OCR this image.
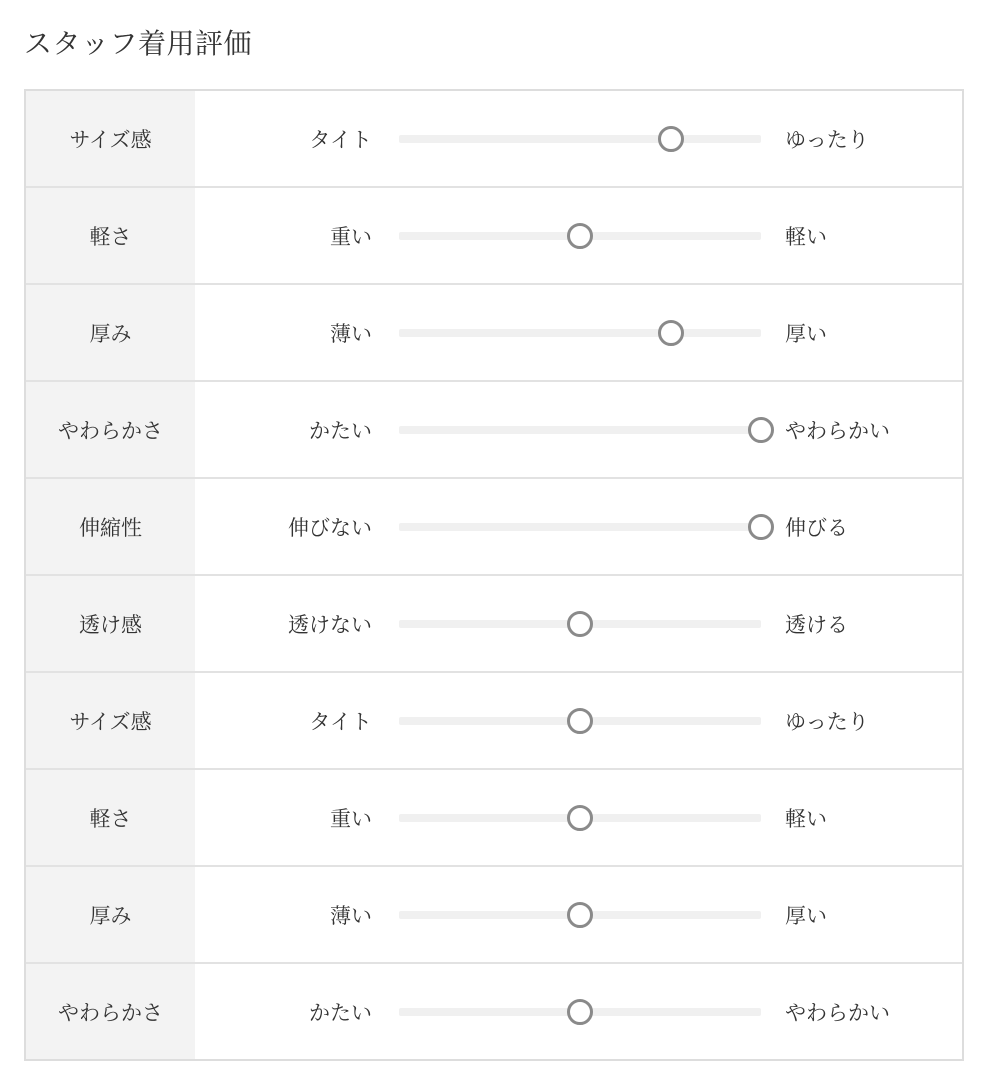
スタッフ着用評価
サイズ感	タイト	ゆったり
軽さ	重い	軽い
厚み	薄い	厚い
やわらかさ	かたい	やわらかい
伸縮性	伸びない	伸びる
透け感	透けない	透ける
サイズ感	タイト	ゆったり
軽さ	重い	軽い
厚み	薄い	厚い
やわらかさ	かたい	やわらかい
